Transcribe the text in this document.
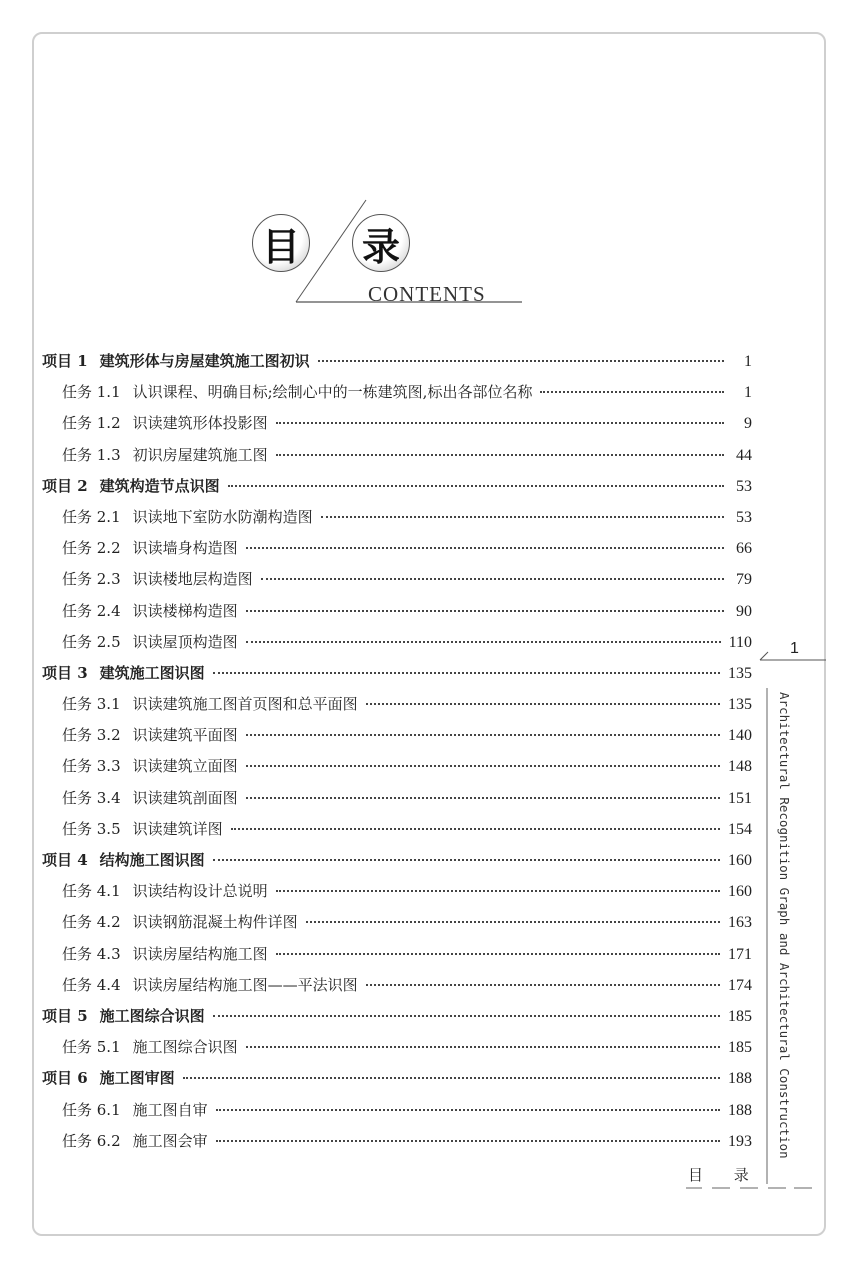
目 录
CONTENTS
项目 1 建筑形体与房屋建筑施工图初识	1
任务 1.1 认识课程、明确目标;绘制心中的一栋建筑图,标出各部位名称	1
任务 1.2 识读建筑形体投影图	9
任务 1.3 初识房屋建筑施工图	44
项目 2 建筑构造节点识图	53
任务 2.1 识读地下室防水防潮构造图	53
任务 2.2 识读墙身构造图	66
任务 2.3 识读楼地层构造图	79
任务 2.4 识读楼梯构造图	90
任务 2.5 识读屋顶构造图	110
项目 3 建筑施工图识图	135
任务 3.1 识读建筑施工图首页图和总平面图	135
任务 3.2 识读建筑平面图	140
任务 3.3 识读建筑立面图	148
任务 3.4 识读建筑剖面图	151
任务 3.5 识读建筑详图	154
项目 4 结构施工图识图	160
任务 4.1 识读结构设计总说明	160
任务 4.2 识读钢筋混凝土构件详图	163
任务 4.3 识读房屋结构施工图	171
任务 4.4 识读房屋结构施工图——平法识图	174
项目 5 施工图综合识图	185
任务 5.1 施工图综合识图	185
项目 6 施工图审图	188
任务 6.1 施工图自审	188
任务 6.2 施工图会审	193
1
Architectural Recognition Graph and Architectural Construction
目 录
